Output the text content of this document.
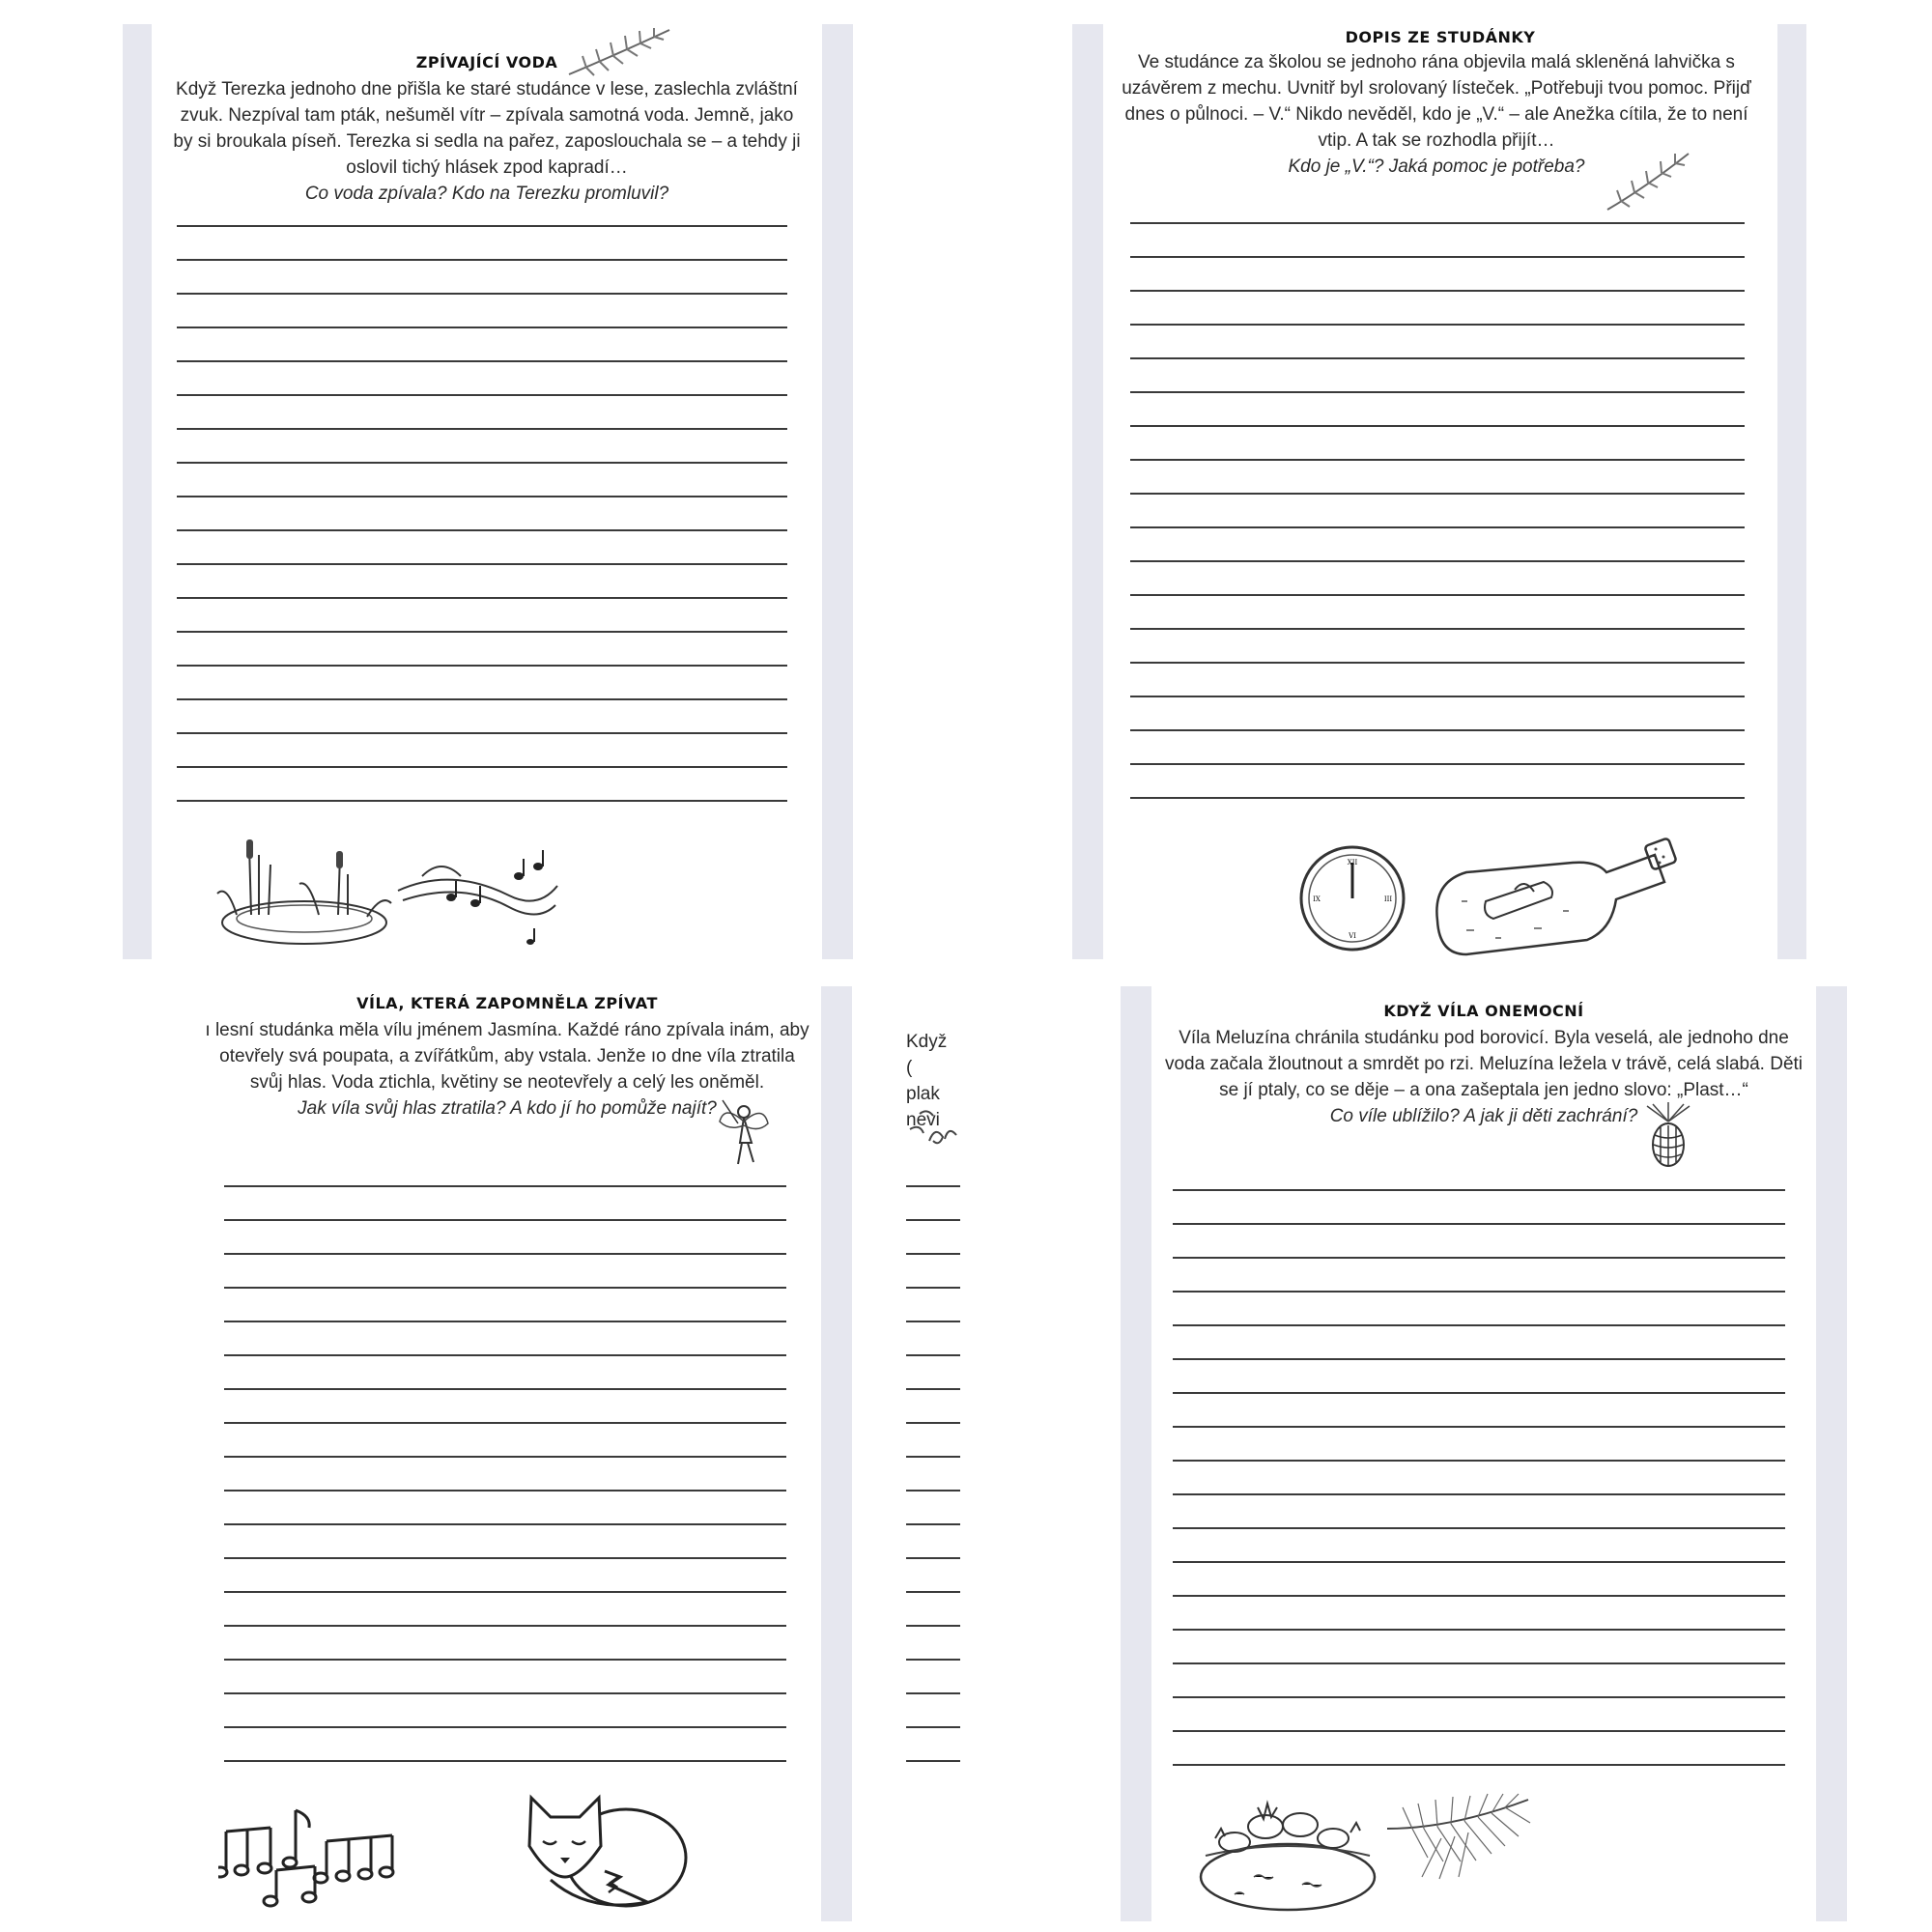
ZPÍVAJÍCÍ VODA
Když Terezka jednoho dne přišla ke staré studánce v lese, zaslechla zvláštní zvuk. Nezpíval tam pták, nešuměl vítr – zpívala samotná voda. Jemně, jako by si broukala píseň. Terezka si sedla na pařez, zaposlouchala se – a tehdy ji oslovil tichý hlásek zpod kapradí…
Co voda zpívala? Kdo na Terezku promluvil?
DOPIS ZE STUDÁNKY
Ve studánce za školou se jednoho rána objevila malá skleněná lahvička s uzávěrem z mechu. Uvnitř byl srolovaný lísteček. „Potřebuji tvou pomoc. Přijď dnes o půlnoci. – V.“ Nikdo nevěděl, kdo je „V.“ – ale Anežka cítila, že to není vtip. A tak se rozhodla přijít…
Kdo je „V.“? Jaká pomoc je potřeba?
XII
III
VI
IX
VÍLA, KTERÁ ZAPOMNĚLA ZPÍVAT
ı lesní studánka měla vílu jménem Jasmína. Každé ráno zpívala inám, aby otevřely svá poupata, a zvířátkům, aby vstala. Jenže ıo dne víla ztratila svůj hlas. Voda ztichla, květiny se neotevřely a celý les oněměl.
Jak víla svůj hlas ztratila? A kdo jí ho pomůže najít?
Když ( plak nevi
KDYŽ VÍLA ONEMOCNÍ
Víla Meluzína chránila studánku pod borovicí. Byla veselá, ale jednoho dne voda začala žloutnout a smrdět po rzi. Meluzína ležela v trávě, celá slabá. Děti se jí ptaly, co se děje – a ona zašeptala jen jedno slovo: „Plast…“
Co víle ublížilo? A jak ji děti zachrání?
